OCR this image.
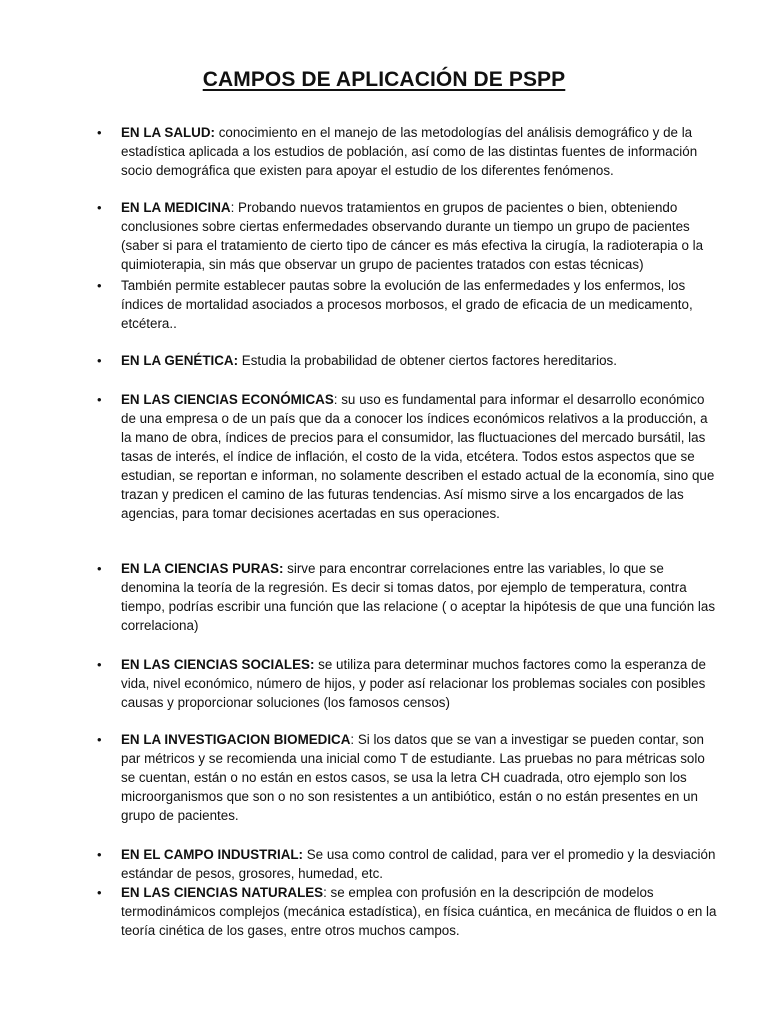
CAMPOS DE APLICACIÓN DE PSPP
• EN LA SALUD: conocimiento en el manejo de las metodologías del análisis demográfico y de la estadística aplicada a los estudios de población, así como de las distintas fuentes de información socio demográfica que existen para apoyar el estudio de los diferentes fenómenos.
• EN LA MEDICINA: Probando nuevos tratamientos en grupos de pacientes o bien, obteniendo conclusiones sobre ciertas enfermedades observando durante un tiempo un grupo de pacientes (saber si para el tratamiento de cierto tipo de cáncer es más efectiva la cirugía, la radioterapia o la quimioterapia, sin más que observar un grupo de pacientes tratados con estas técnicas)
• También permite establecer pautas sobre la evolución de las enfermedades y los enfermos, los índices de mortalidad asociados a procesos morbosos, el grado de eficacia de un medicamento, etcétera..
• EN LA GENÉTICA: Estudia la probabilidad de obtener ciertos factores hereditarios.
• EN LAS CIENCIAS ECONÓMICAS: su uso es fundamental para informar el desarrollo económico de una empresa o de un país que da a conocer los índices económicos relativos a la producción, a la mano de obra, índices de precios para el consumidor, las fluctuaciones del mercado bursátil, las tasas de interés, el índice de inflación, el costo de la vida, etcétera. Todos estos aspectos que se estudian, se reportan e informan, no solamente describen el estado actual de la economía, sino que trazan y predicen el camino de las futuras tendencias. Así mismo sirve a los encargados de las agencias, para tomar decisiones acertadas en sus operaciones.
• EN LA CIENCIAS PURAS: sirve para encontrar correlaciones entre las variables, lo que se denomina la teoría de la regresión. Es decir si tomas datos, por ejemplo de temperatura, contra tiempo, podrías escribir una función que las relacione ( o aceptar la hipótesis de que una función las correlaciona)
• EN LAS CIENCIAS SOCIALES: se utiliza para determinar muchos factores como la esperanza de vida, nivel económico, número de hijos, y poder así relacionar los problemas sociales con posibles causas y proporcionar soluciones (los famosos censos)
• EN LA INVESTIGACION BIOMEDICA: Si los datos que se van a investigar se pueden contar, son par métricos y se recomienda una inicial como T de estudiante. Las pruebas no para métricas solo se cuentan, están o no están en estos casos, se usa la letra CH cuadrada, otro ejemplo son los microorganismos que son o no son resistentes a un antibiótico, están o no están presentes en un grupo de pacientes.
• EN EL CAMPO INDUSTRIAL: Se usa como control de calidad, para ver el promedio y la desviación estándar de pesos, grosores, humedad, etc.
• EN LAS CIENCIAS NATURALES: se emplea con profusión en la descripción de modelos termodinámicos complejos (mecánica estadística), en física cuántica, en mecánica de fluidos o en la teoría cinética de los gases, entre otros muchos campos.
